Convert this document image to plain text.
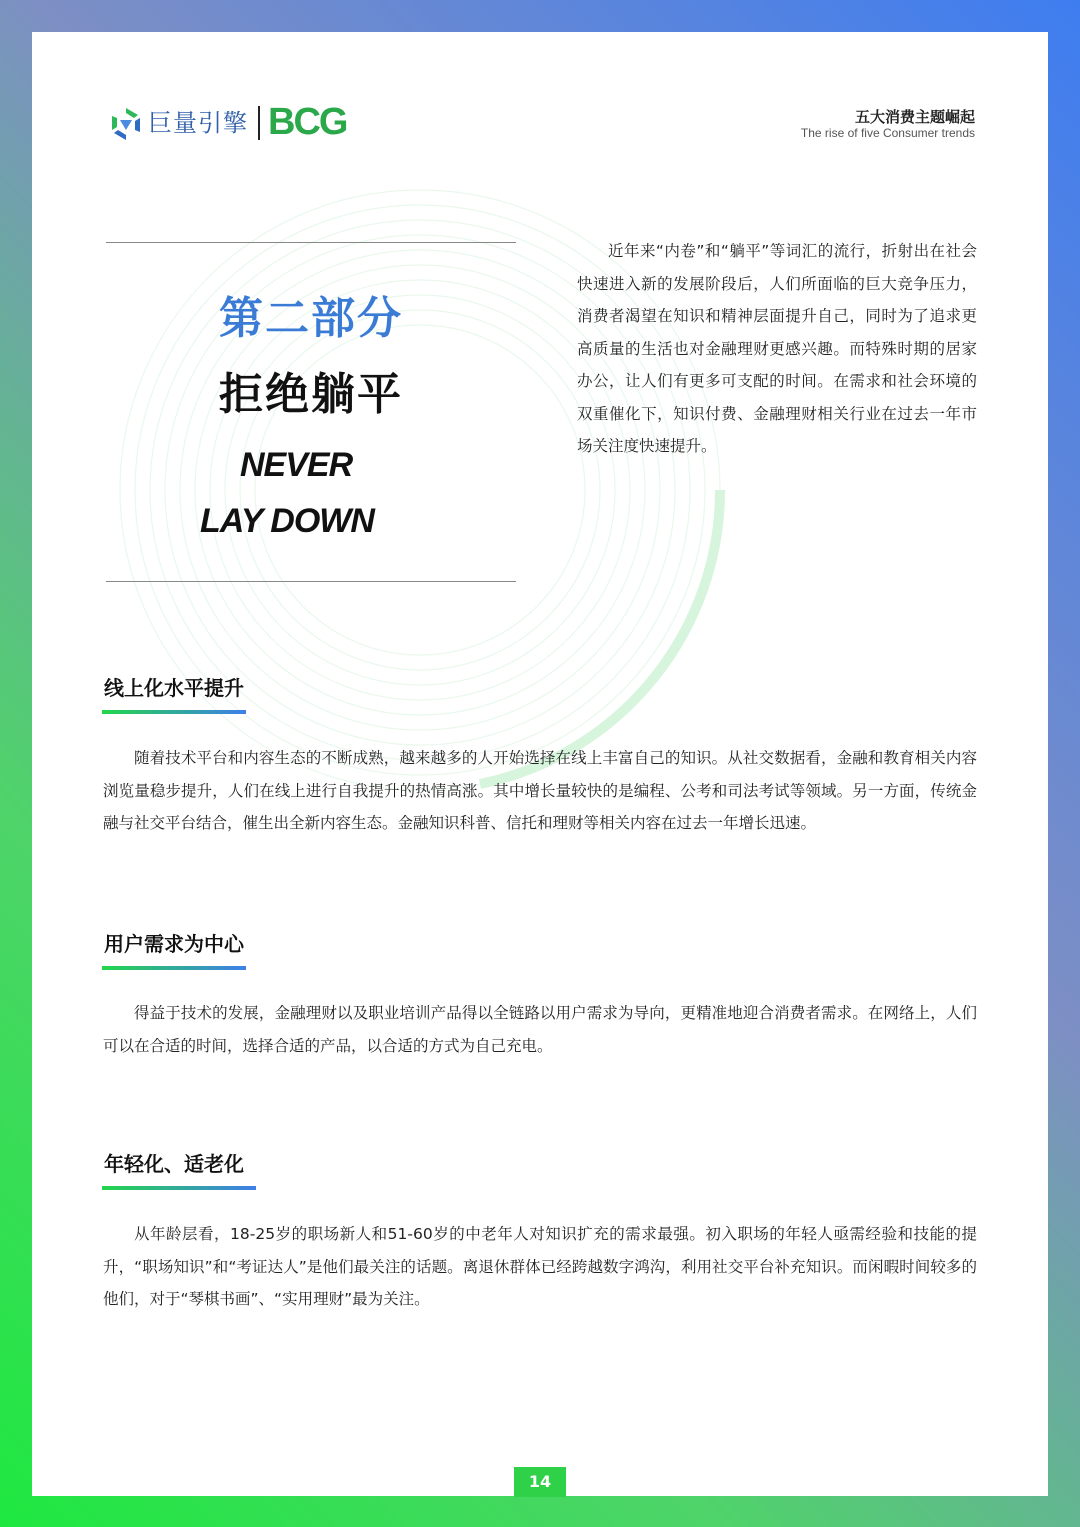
巨量引擎 BCG	五大消费主题崛起
The rise of five Consumer trends
第二部分
拒绝躺平
NEVER
LAY DOWN

近年来“内卷”和“躺平”等词汇的流行，折射出在社会快速进入新的发展阶段后，人们所面临的巨大竞争压力，消费者渴望在知识和精神层面提升自己，同时为了追求更高质量的生活也对金融理财更感兴趣。而特殊时期的居家办公，让人们有更多可支配的时间。在需求和社会环境的双重催化下，知识付费、金融理财相关行业在过去一年市场关注度快速提升。

线上化水平提升

随着技术平台和内容生态的不断成熟，越来越多的人开始选择在线上丰富自己的知识。从社交数据看，金融和教育相关内容浏览量稳步提升，人们在线上进行自我提升的热情高涨。其中增长量较快的是编程、公考和司法考试等领域。另一方面，传统金融与社交平台结合，催生出全新内容生态。金融知识科普、信托和理财等相关内容在过去一年增长迅速。

用户需求为中心

得益于技术的发展，金融理财以及职业培训产品得以全链路以用户需求为导向，更精准地迎合消费者需求。在网络上，人们可以在合适的时间，选择合适的产品，以合适的方式为自己充电。

年轻化、适老化

从年龄层看，18-25岁的职场新人和51-60岁的中老年人对知识扩充的需求最强。初入职场的年轻人亟需经验和技能的提升，“职场知识”和“考证达人”是他们最关注的话题。离退休群体已经跨越数字鸿沟，利用社交平台补充知识。而闲暇时间较多的他们，对于“琴棋书画”、“实用理财”最为关注。

14
